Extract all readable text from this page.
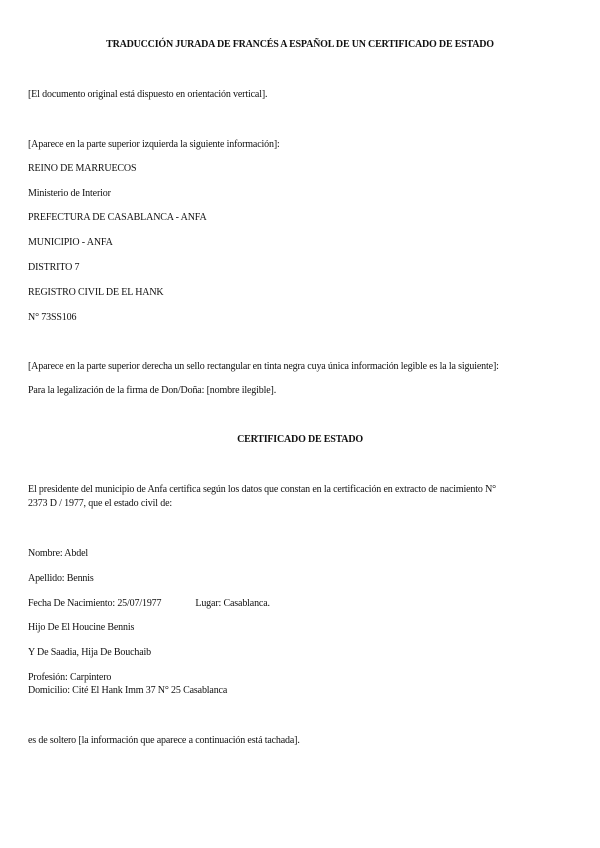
TRADUCCIÓN JURADA DE FRANCÉS A ESPAÑOL DE UN CERTIFICADO DE ESTADO
[El documento original está dispuesto en orientación vertical].
[Aparece en la parte superior izquierda la siguiente información]:
REINO DE MARRUECOS
Ministerio de Interior
PREFECTURA DE CASABLANCA - ANFA
MUNICIPIO - ANFA
DISTRITO 7
REGISTRO CIVIL DE EL HANK
N° 73SS106
[Aparece en la parte superior derecha un sello rectangular en tinta negra cuya única información legible es la la siguiente]:
Para la legalización de la firma de Don/Doña: [nombre ilegible].
CERTIFICADO DE ESTADO
El presidente del municipio de Anfa certifica según los datos que constan en la certificación en extracto de nacimiento N°
2373 D / 1977, que el estado civil de:
Nombre: Abdel
Apellido: Bennis
Fecha De Nacimiento: 25/07/1977	Lugar: Casablanca.
Hijo De El Houcine Bennis
Y De Saadia, Hija De Bouchaib
Profesión: Carpintero
Domicilio: Cité El Hank Imm 37 N° 25 Casablanca
es de soltero [la información que aparece a continuación está tachada].
